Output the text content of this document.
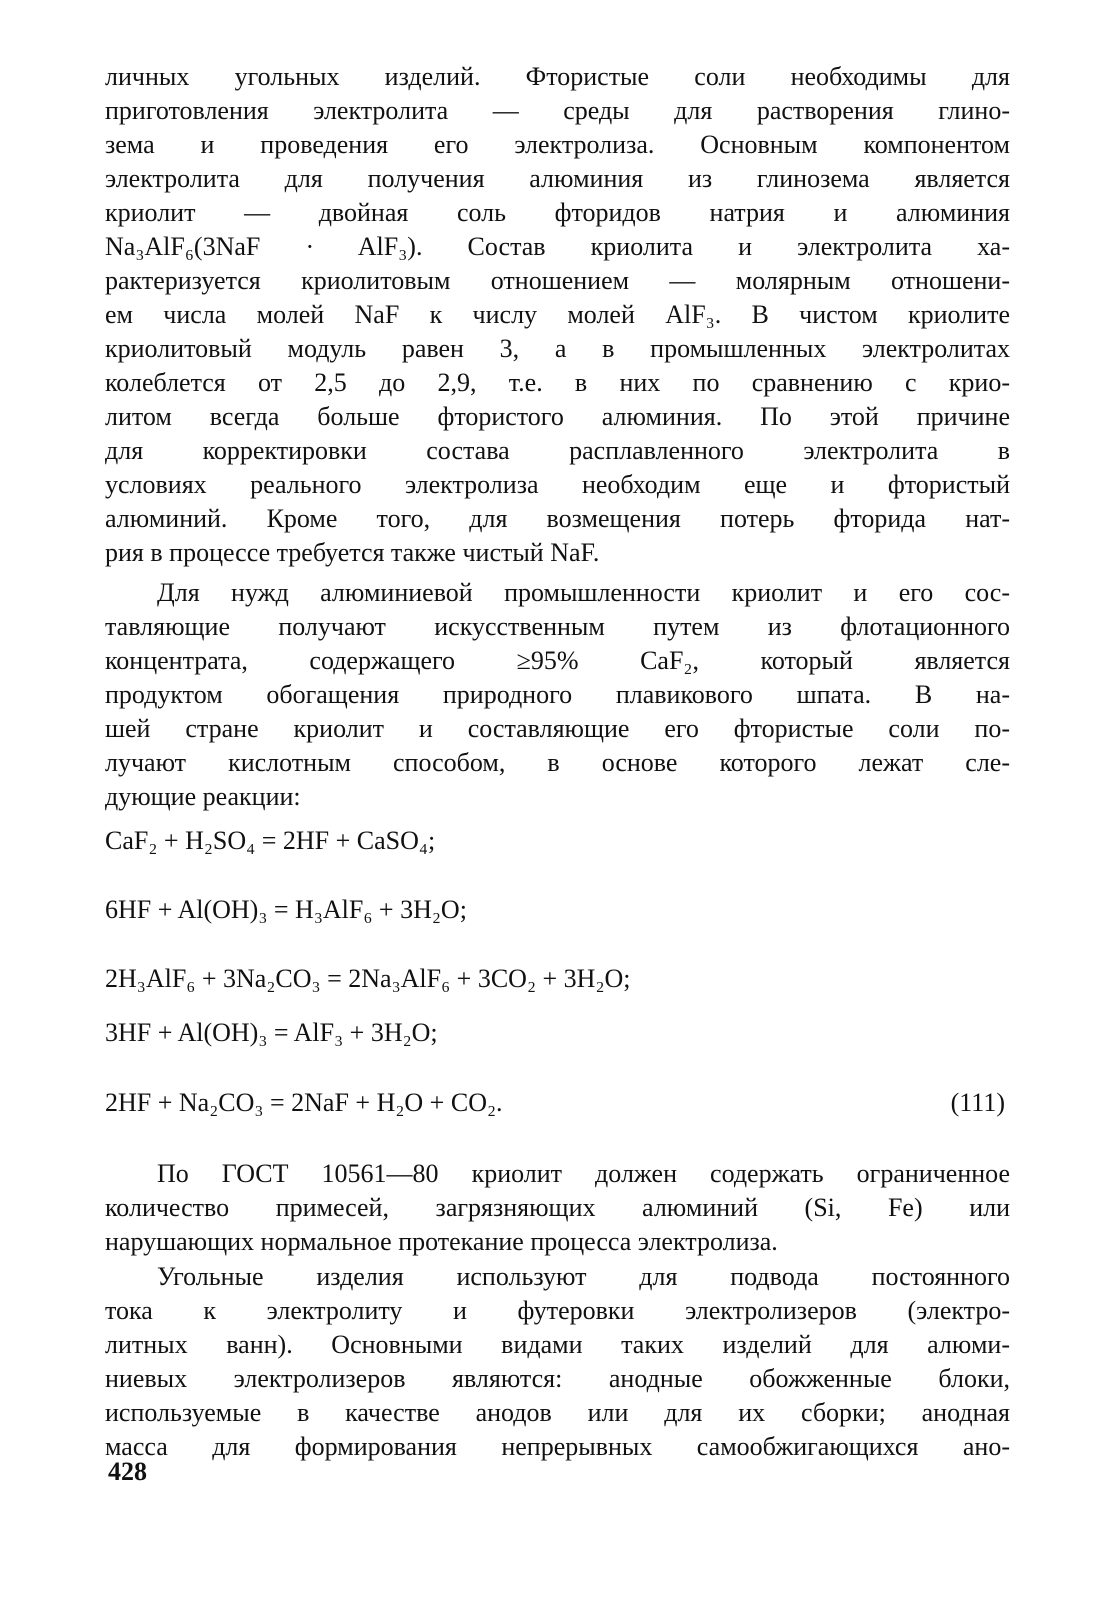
личных угольных изделий. Фтористые соли необходимы для
приготовления электролита — среды для растворения глино-
зема и проведения его электролиза. Основным компонентом
электролита для получения алюминия из глинозема является
криолит — двойная соль фторидов натрия и алюминия
Na₃AlF₆(3NaF · AlF₃). Состав криолита и электролита ха-
рактеризуется криолитовым отношением — молярным отношени-
ем числа молей NaF к числу молей AlF₃. В чистом криолите
криолитовый модуль равен 3, а в промышленных электролитах
колеблется от 2,5 до 2,9, т.е. в них по сравнению с крио-
литом всегда больше фтористого алюминия. По этой причине
для корректировки состава расплавленного электролита в
условиях реального электролиза необходим еще и фтористый
алюминий. Кроме того, для возмещения потерь фторида нат-
рия в процессе требуется также чистый NaF.
Для нужд алюминиевой промышленности криолит и его сос-
тавляющие получают искусственным путем из флотационного
концентрата, содержащего ≥95% CaF₂, который является
продуктом обогащения природного плавикового шпата. В на-
шей стране криолит и составляющие его фтористые соли по-
лучают кислотным способом, в основе которого лежат сле-
дующие реакции:
CaF₂ + H₂SO₄ = 2HF + CaSO₄;
6HF + Al(OH)₃ = H₃AlF₆ + 3H₂O;
2H₃AlF₆ + 3Na₂CO₃ = 2Na₃AlF₆ + 3CO₂ + 3H₂O;
3HF + Al(OH)₃ = AlF₃ + 3H₂O;
2HF + Na₂CO₃ = 2NaF + H₂O + CO₂.	(111)
По ГОСТ 10561—80 криолит должен содержать ограниченное
количество примесей, загрязняющих алюминий (Si, Fe) или
нарушающих нормальное протекание процесса электролиза.
Угольные изделия используют для подвода постоянного
тока к электролиту и футеровки электролизеров (электро-
литных ванн). Основными видами таких изделий для алюми-
ниевых электролизеров являются: анодные обожженные блоки,
используемые в качестве анодов или для их сборки; анодная
масса для формирования непрерывных самообжигающихся ано-
428
